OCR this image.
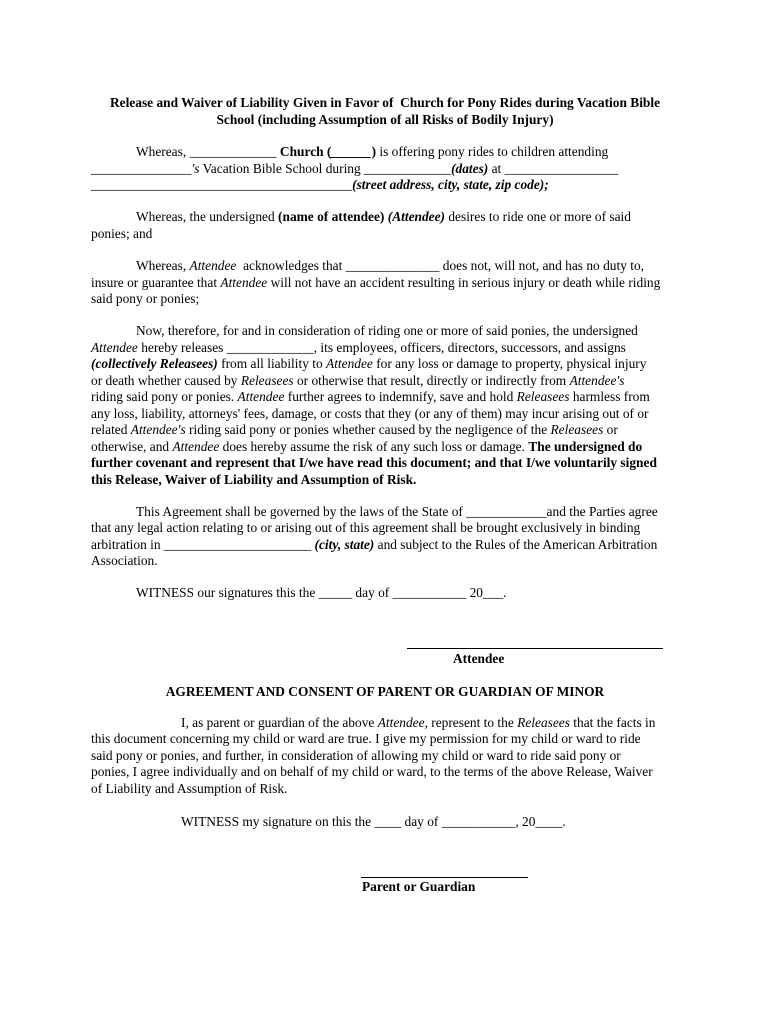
Release and Waiver of Liability Given in Favor of  Church for Pony Rides during Vacation Bible
School (including Assumption of all Risks of Bodily Injury)
Whereas, _____________ Church (______) is offering pony rides to children attending
_______________'s Vacation Bible School during _____________(dates) at _________________
_______________________________________(street address, city, state, zip code);
Whereas, the undersigned (name of attendee) (Attendee) desires to ride one or more of said
ponies; and
Whereas, Attendee  acknowledges that ______________ does not, will not, and has no duty to,
insure or guarantee that Attendee will not have an accident resulting in serious injury or death while riding
said pony or ponies;
Now, therefore, for and in consideration of riding one or more of said ponies, the undersigned
Attendee hereby releases _____________, its employees, officers, directors, successors, and assigns
(collectively Releasees) from all liability to Attendee for any loss or damage to property, physical injury
or death whether caused by Releasees or otherwise that result, directly or indirectly from Attendee's
riding said pony or ponies. Attendee further agrees to indemnify, save and hold Releasees harmless from
any loss, liability, attorneys' fees, damage, or costs that they (or any of them) may incur arising out of or
related Attendee's riding said pony or ponies whether caused by the negligence of the Releasees or
otherwise, and Attendee does hereby assume the risk of any such loss or damage. The undersigned do
further covenant and represent that I/we have read this document; and that I/we voluntarily signed
this Release, Waiver of Liability and Assumption of Risk.
This Agreement shall be governed by the laws of the State of ____________and the Parties agree
that any legal action relating to or arising out of this agreement shall be brought exclusively in binding
arbitration in ______________________ (city, state) and subject to the Rules of the American Arbitration
Association.
WITNESS our signatures this the _____ day of ___________ 20___.
Attendee
AGREEMENT AND CONSENT OF PARENT OR GUARDIAN OF MINOR
I, as parent or guardian of the above Attendee, represent to the Releasees that the facts in
this document concerning my child or ward are true. I give my permission for my child or ward to ride
said pony or ponies, and further, in consideration of allowing my child or ward to ride said pony or
ponies, I agree individually and on behalf of my child or ward, to the terms of the above Release, Waiver
of Liability and Assumption of Risk.
WITNESS my signature on this the ____ day of ___________, 20____.
Parent or Guardian
